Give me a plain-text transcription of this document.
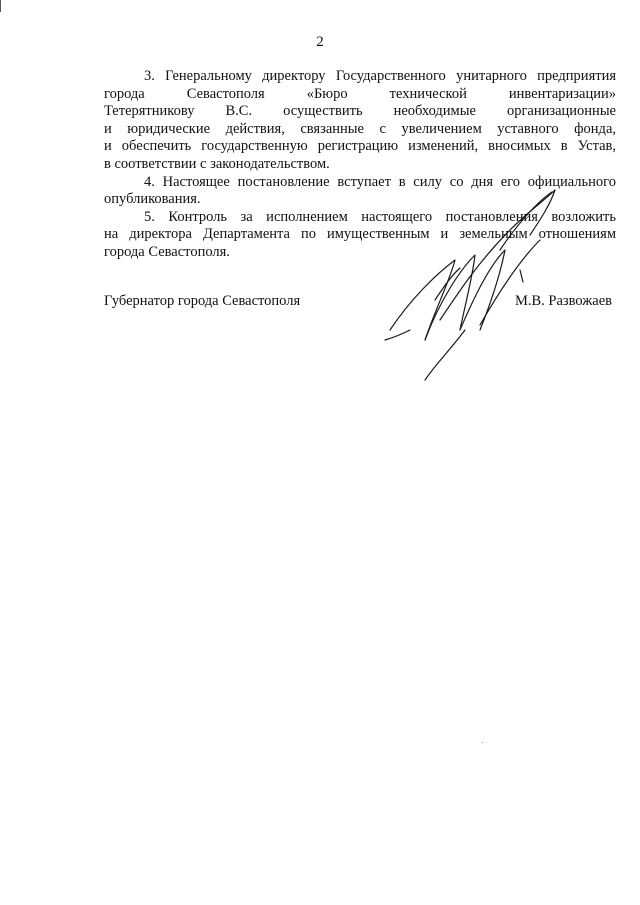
2
3. Генеральному директору Государственного унитарного предприятия
города Севастополя «Бюро технической инвентаризации»
Тетерятникову В.С. осуществить необходимые организационные
и юридические действия, связанные с увеличением уставного фонда,
и обеспечить государственную регистрацию изменений, вносимых в Устав,
в соответствии с законодательством.
4. Настоящее постановление вступает в силу со дня его официального
опубликования.
5. Контроль за исполнением настоящего постановления возложить
на директора Департамента по имущественным и земельным отношениям
города Севастополя.
Губернатор города Севастополя	М.В. Развожаев
